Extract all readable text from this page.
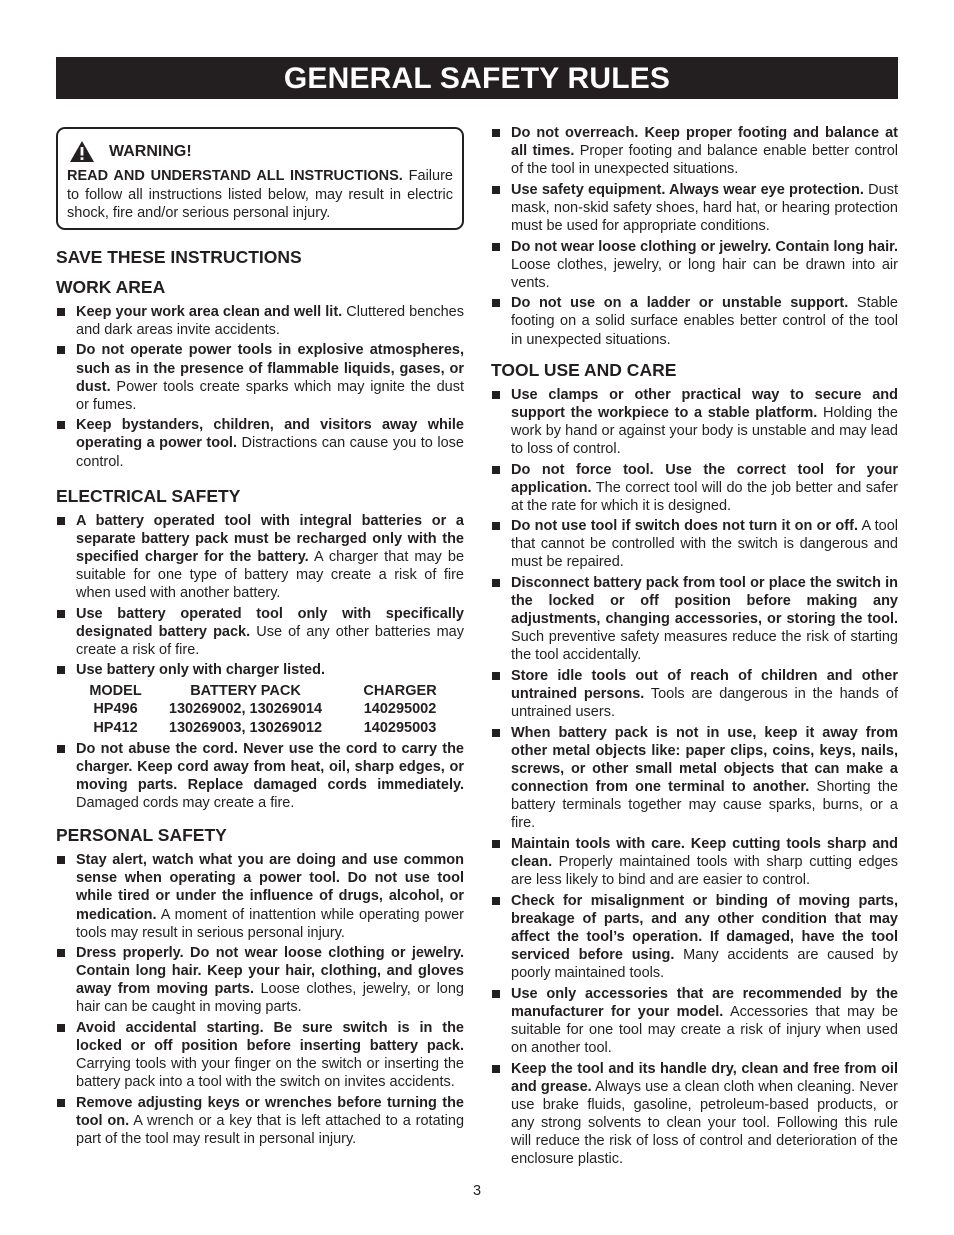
GENERAL SAFETY RULES
WARNING!
READ AND UNDERSTAND ALL INSTRUCTIONS. Failure to follow all instructions listed below, may result in electric shock, fire and/or serious personal injury.
SAVE THESE INSTRUCTIONS
WORK AREA
Keep your work area clean and well lit. Cluttered benches and dark areas invite accidents.
Do not operate power tools in explosive atmospheres, such as in the presence of flammable liquids, gases, or dust. Power tools create sparks which may ignite the dust or fumes.
Keep bystanders, children, and visitors away while operating a power tool. Distractions can cause you to lose control.
ELECTRICAL SAFETY
A battery operated tool with integral batteries or a separate battery pack must be recharged only with the specified charger for the battery. A charger that may be suitable for one type of battery may create a risk of fire when used with another battery.
Use battery operated tool only with specifically designated battery pack. Use of any other batteries may create a risk of fire.
Use battery only with charger listed.
MODEL	BATTERY PACK	CHARGER
HP496	130269002, 130269014	140295002
HP412	130269003, 130269012	140295003
Do not abuse the cord. Never use the cord to carry the charger. Keep cord away from heat, oil, sharp edges, or moving parts. Replace damaged cords immediately. Damaged cords may create a fire.
PERSONAL SAFETY
Stay alert, watch what you are doing and use common sense when operating a power tool. Do not use tool while tired or under the influence of drugs, alcohol, or medication. A moment of inattention while operating power tools may result in serious personal injury.
Dress properly. Do not wear loose clothing or jewelry. Contain long hair. Keep your hair, clothing, and gloves away from moving parts. Loose clothes, jewelry, or long hair can be caught in moving parts.
Avoid accidental starting. Be sure switch is in the locked or off position before inserting battery pack. Carrying tools with your finger on the switch or inserting the battery pack into a tool with the switch on invites accidents.
Remove adjusting keys or wrenches before turning the tool on. A wrench or a key that is left attached to a rotating part of the tool may result in personal injury.
Do not overreach. Keep proper footing and balance at all times. Proper footing and balance enable better control of the tool in unexpected situations.
Use safety equipment. Always wear eye protection. Dust mask, non-skid safety shoes, hard hat, or hearing protection must be used for appropriate conditions.
Do not wear loose clothing or jewelry. Contain long hair. Loose clothes, jewelry, or long hair can be drawn into air vents.
Do not use on a ladder or unstable support. Stable footing on a solid surface enables better control of the tool in unexpected situations.
TOOL USE AND CARE
Use clamps or other practical way to secure and support the workpiece to a stable platform. Holding the work by hand or against your body is unstable and may lead to loss of control.
Do not force tool. Use the correct tool for your application. The correct tool will do the job better and safer at the rate for which it is designed.
Do not use tool if switch does not turn it on or off. A tool that cannot be controlled with the switch is dangerous and must be repaired.
Disconnect battery pack from tool or place the switch in the locked or off position before making any adjustments, changing accessories, or storing the tool. Such preventive safety measures reduce the risk of starting the tool accidentally.
Store idle tools out of reach of children and other untrained persons. Tools are dangerous in the hands of untrained users.
When battery pack is not in use, keep it away from other metal objects like: paper clips, coins, keys, nails, screws, or other small metal objects that can make a connection from one terminal to another. Shorting the battery terminals together may cause sparks, burns, or a fire.
Maintain tools with care. Keep cutting tools sharp and clean. Properly maintained tools with sharp cutting edges are less likely to bind and are easier to control.
Check for misalignment or binding of moving parts, breakage of parts, and any other condition that may affect the tool’s operation. If damaged, have the tool serviced before using. Many accidents are caused by poorly maintained tools.
Use only accessories that are recommended by the manufacturer for your model. Accessories that may be suitable for one tool may create a risk of injury when used on another tool.
Keep the tool and its handle dry, clean and free from oil and grease. Always use a clean cloth when cleaning. Never use brake fluids, gasoline, petroleum-based products, or any strong solvents to clean your tool. Following this rule will reduce the risk of loss of control and deterioration of the enclosure plastic.
3
